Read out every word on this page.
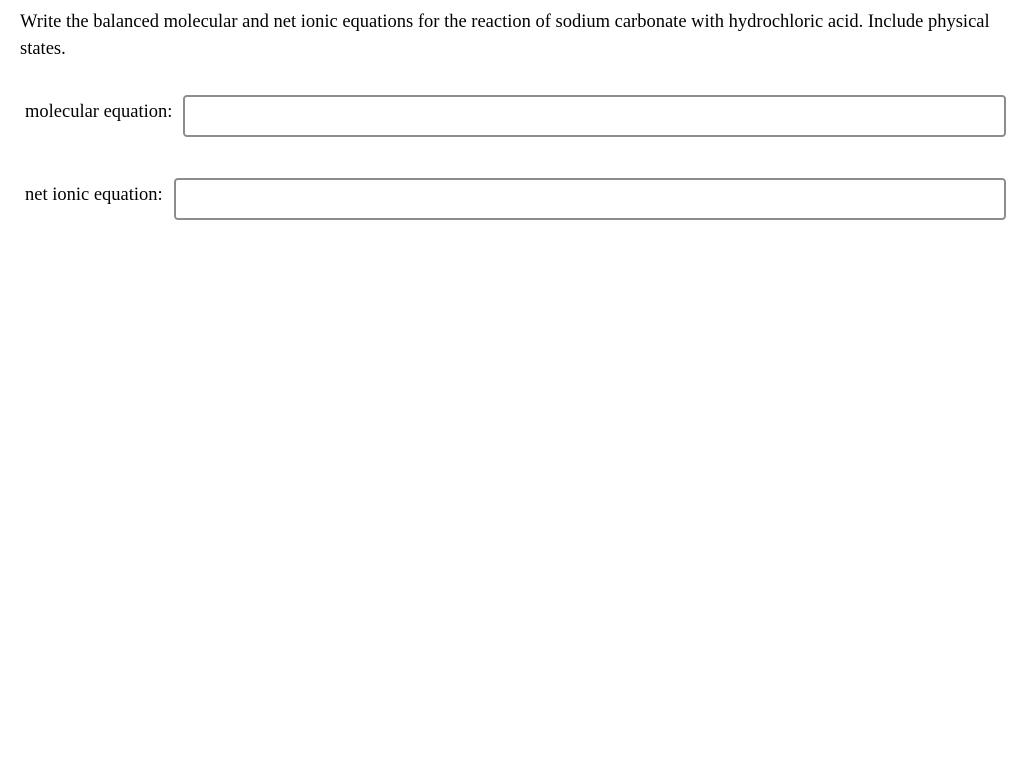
Write the balanced molecular and net ionic equations for the reaction of sodium carbonate with hydrochloric acid. Include physical states.

molecular equation:
net ionic equation:
